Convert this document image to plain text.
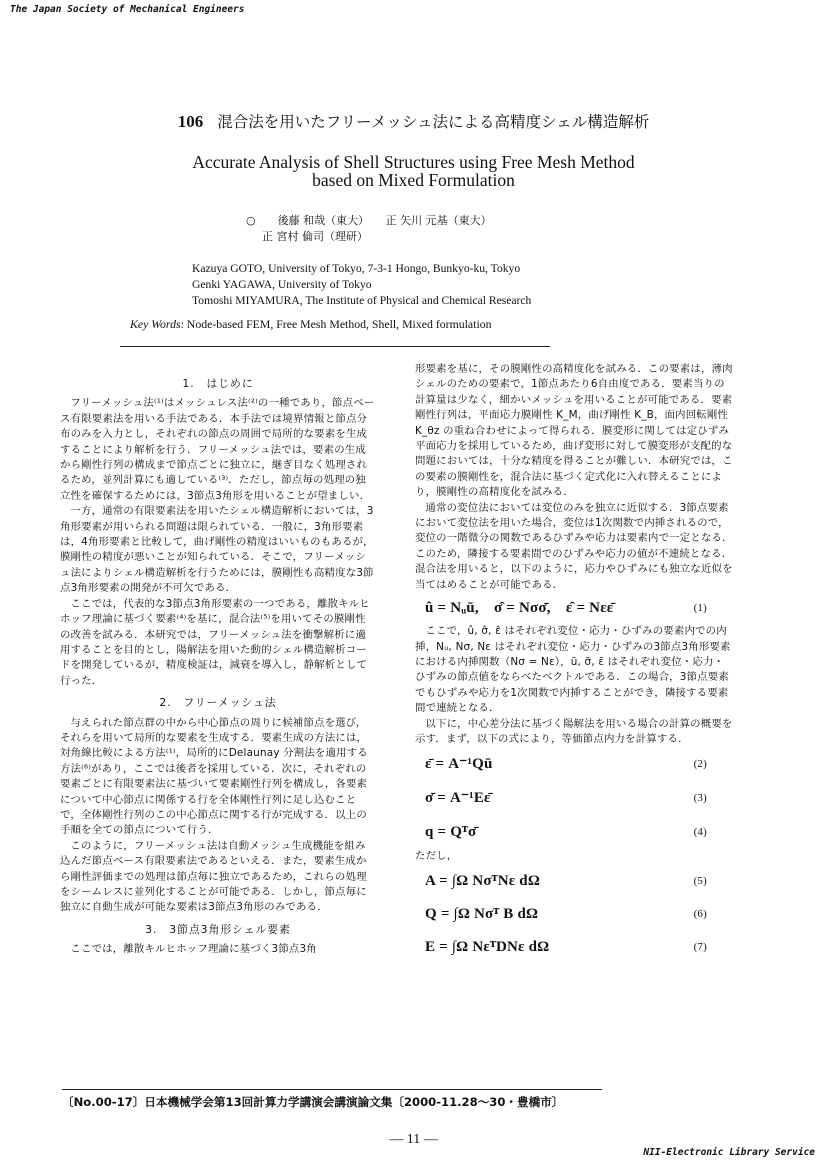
The Japan Society of Mechanical Engineers
106 混合法を用いたフリーメッシュ法による高精度シェル構造解析
Accurate Analysis of Shell Structures using Free Mesh Method
based on Mixed Formulation
○　　後藤 和哉（東大）　　正 矢川 元基（東大）
正 宮村 倫司（理研）
Kazuya GOTO, University of Tokyo, 7-3-1 Hongo, Bunkyo-ku, Tokyo
Genki YAGAWA, University of Tokyo
Tomoshi MIYAMURA, The Institute of Physical and Chemical Research
Key Words: Node-based FEM, Free Mesh Method, Shell, Mixed formulation
1.　はじめに

フリーメッシュ法⁽¹⁾はメッシュレス法⁽²⁾の一種であり，節点ベース有限要素法を用いる手法である．本手法では境界情報と節点分布のみを入力とし，それぞれの節点の周囲で局所的な要素を生成することにより解析を行う．フリーメッシュ法では，要素の生成から剛性行列の構成まで節点ごとに独立に，継ぎ目なく処理されるため，並列計算にも適している⁽³⁾．ただし，節点毎の処理の独立性を確保するためには，3節点3角形を用いることが望ましい．

一方，通常の有限要素法を用いたシェル構造解析においては，3角形要素が用いられる問題は限られている．一般に，3角形要素は，4角形要素と比較して，曲げ剛性の精度はいいものもあるが，膜剛性の精度が悪いことが知られている．そこで，フリーメッシュ法によりシェル構造解析を行うためには，膜剛性も高精度な3節点3角形要素の開発が不可欠である．

ここでは，代表的な3節点3角形要素の一つである，離散キルヒホッフ理論に基づく要素⁽⁴⁾を基に，混合法⁽⁵⁾を用いてその膜剛性の改善を試みる．本研究では，フリーメッシュ法を衝撃解析に適用することを目的とし，陽解法を用いた動的シェル構造解析コードを開発しているが，精度検証は，減衰を導入し，静解析として行った．

2.　フリーメッシュ法

与えられた節点群の中から中心節点の周りに候補節点を選び，それらを用いて局所的な要素を生成する．要素生成の方法には，対角線比較による方法⁽¹⁾，局所的にDelaunay 分割法を適用する方法⁽⁶⁾があり，ここでは後者を採用している．次に，それぞれの要素ごとに有限要素法に基づいて要素剛性行列を構成し，各要素について中心節点に関係する行を全体剛性行列に足し込むことで，全体剛性行列のこの中心節点に関する行が完成する．以上の手順を全ての節点について行う．

このように，フリーメッシュ法は自動メッシュ生成機能を組み込んだ節点ベース有限要素法であるといえる．また，要素生成から剛性評価までの処理は節点毎に独立であるため，これらの処理をシームレスに並列化することが可能である．しかし，節点毎に独立に自動生成が可能な要素は3節点3角形のみである．

3.　3節点3角形シェル要素

ここでは，離散キルヒホッフ理論に基づく3節点3角

形要素を基に，その膜剛性の高精度化を試みる．この要素は，薄肉シェルのための要素で，1節点あたり6自由度である．要素当りの計算量は少なく，細かいメッシュを用いることが可能である．要素剛性行列は，平面応力膜剛性 K_M，曲げ剛性 K_B，面内回転剛性 K_θz の重ね合わせによって得られる．膜変形に関しては定ひずみ平面応力を採用しているため，曲げ変形に対して膜変形が支配的な問題においては，十分な精度を得ることが難しい．本研究では，この要素の膜剛性を，混合法に基づく定式化に入れ替えることにより，膜剛性の高精度化を試みる．

通常の変位法においては変位のみを独立に近似する．3節点要素において変位法を用いた場合，変位は1次関数で内挿されるので，変位の一階微分の関数であるひずみや応力は要素内で一定となる．このため，隣接する要素間でのひずみや応力の値が不連続となる．混合法を用いると，以下のように，応力やひずみにも独立な近似を当てはめることが可能である．

û = Nᵤū,　σ̂ = Nσσ̄,　ε̂ = Nεε̄	(1)

ここで，û, σ̂, ε̂ はそれぞれ変位・応力・ひずみの要素内での内挿，Nᵤ, Nσ, Nε はそれぞれ変位・応力・ひずみの3節点3角形要素における内挿関数（Nσ = Nε），ū, σ̄, ε̄ はそれぞれ変位・応力・ひずみの節点値をならべたベクトルである．この場合，3節点要素でもひずみや応力を1次関数で内挿することができ，隣接する要素間で連続となる．

以下に，中心差分法に基づく陽解法を用いる場合の計算の概要を示す．まず，以下の式により，等価節点内力を計算する．

ε̄ = A⁻¹Qū	(2)
σ̄ = A⁻¹Eε̄	(3)
q = Qᵀσ̄	(4)

ただし，

A = ∫Ω NσᵀNε dΩ	(5)
Q = ∫Ω Nσᵀ B dΩ	(6)
E = ∫Ω NεᵀDNε dΩ	(7)
〔No.00-17〕日本機械学会第13回計算力学講演会講演論文集〔2000-11.28〜30・豊橋市〕
— 11 —
NII-Electronic Library Service
